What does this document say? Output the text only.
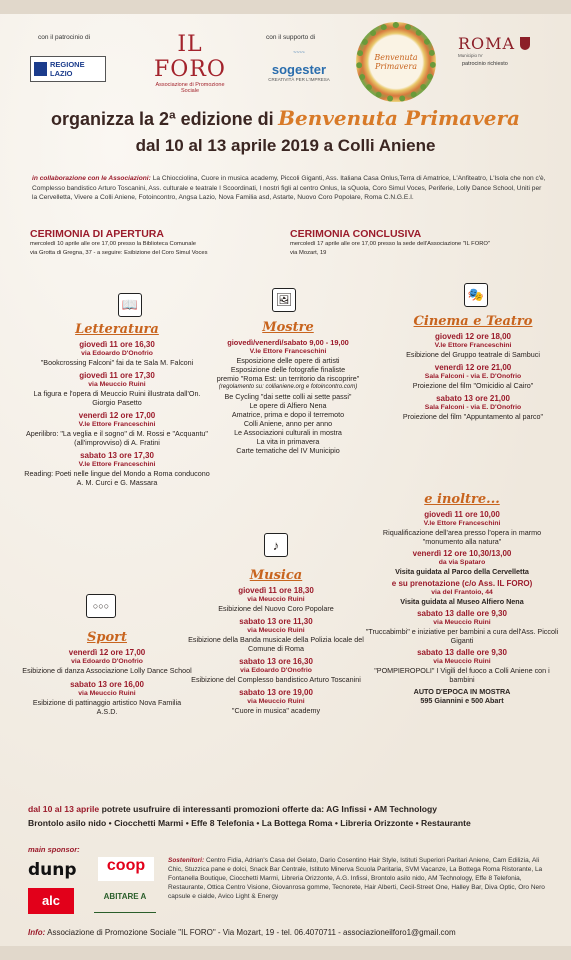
con il patrocinio di
REGIONE LAZIO
IL FORO
Associazione di Promozione Sociale
con il supporto di
~~~~
sogester
CREATIVITÀ PER L'IMPRESA
Benvenuta Primavera
ROMA
Municipio IV
patrocinio richiesto
organizza la 2ª edizione di Benvenuta Primavera
dal 10 al 13 aprile 2019 a Colli Aniene
in collaborazione con le Associazioni: La Chiocciolina, Cuore in musica academy, Piccoli Giganti, Ass. Italiana Casa Onlus,Terra di Amatrice, L'Anfiteatro, L'Isola che non c'è, Complesso bandistico Arturo Toscanini, Ass. culturale e teatrale I Scoordinati, I nostri figli al centro Onlus, la sQuola, Coro Simul Voces, Periferie, Lolly Dance School, Uniti per la Cervelletta, Vivere a Colli Aniene, Fotoincontro, Angsa Lazio, Nova Familia asd, Astarte, Nuovo Coro Popolare, Roma C.N.G.E.I.
CERIMONIA DI APERTURA
mercoledì 10 aprile alle ore 17,00 presso la Biblioteca Comunale
via Grotta di Gregna, 37 - a seguire: Esibizione del Coro Simul Voces
CERIMONIA CONCLUSIVA
mercoledì 17 aprile alle ore 17,00 presso la sede dell'Associazione "IL FORO"
via Mozart, 19
📖	🖼	🎭
♪
○○○
Letteratura
giovedì 11 ore 16,30
via Edoardo D'Onofrio
"Bookcrossing Falconi" fai da te Sala M. Falconi
giovedì 11 ore 17,30
via Meuccio Ruini
La figura e l'opera di Meuccio Ruini illustrata dall'On. Giorgio Pasetto
venerdì 12 ore 17,00
V.le Ettore Franceschini
Aperilibro: "La veglia e il sogno" di M. Rossi e "Acquantu" (all'improvviso) di A. Fratini
sabato 13 ore 17,30
V.le Ettore Franceschini
Reading: Poeti nelle lingue del Mondo a Roma conducono A. M. Curci e G. Massara
Mostre
giovedì/venerdì/sabato 9,00 - 19,00
V.le Ettore Franceschini
Esposizione delle opere di artisti
Esposizione delle fotografie finaliste
premio "Roma Est: un territorio da riscoprire"
(regolamento su: collianiene.org e fotoincontro.com)
Be Cycling "dai sette colli ai sette passi"
Le opere di Alfiero Nena
Amatrice, prima e dopo il terremoto
Colli Aniene, anno per anno
Le Associazioni culturali in mostra
La vita in primavera
Carte tematiche del IV Municipio
Cinema e Teatro
giovedì 12 ore 18,00
V.le Ettore Franceschini
Esibizione del Gruppo teatrale di Sambuci
venerdì 12 ore 21,00
Sala Falconi - via E. D'Onofrio
Proiezione del film "Omicidio al Cairo"
sabato 13 ore 21,00
Sala Falconi - via E. D'Onofrio
Proiezione del film "Appuntamento al parco"
e inoltre...
giovedì 11 ore 10,00
V.le Ettore Franceschini
Riqualificazione dell'area presso l'opera in marmo "monumento alla natura"
venerdì 12 ore 10,30/13,00
da via Spataro
Visita guidata al Parco della Cervelletta
e su prenotazione (c/o Ass. IL FORO)
via del Frantoio, 44
Visita guidata al Museo Alfiero Nena
sabato 13 dalle ore 9,30
via Meuccio Ruini
"Truccabimbi" e iniziative per bambini a cura dell'Ass. Piccoli Giganti
sabato 13 dalle ore 9,30
via Meuccio Ruini
"POMPIEROPOLI" I Vigili del fuoco a Colli Aniene con i bambini
AUTO D'EPOCA IN MOSTRA
595 Giannini e 500 Abart
Sport
venerdì 12 ore 17,00
via Edoardo D'Onofrio
Esibizione di danza Associazione Lolly Dance School
sabato 13 ore 16,00
via Meuccio Ruini
Esibizione di pattinaggio artistico Nova Familia A.S.D.
Musica
giovedì 11 ore 18,30
via Meuccio Ruini
Esibizione del Nuovo Coro Popolare
sabato 13 ore 11,30
via Meuccio Ruini
Esibizione della Banda musicale della Polizia locale del Comune di Roma
sabato 13 ore 16,30
via Edoardo D'Onofrio
Esibizione del Complesso bandistico Arturo Toscanini
sabato 13 ore 19,00
via Meuccio Ruini
"Cuore in musica" academy
dal 10 al 13 aprile potrete usufruire di interessanti promozioni offerte da: AG Infissi • AM Technology
Brontolo asilo nido • Ciocchetti Marmi • Effe 8 Telefonia • La Bottega Roma • Libreria Orizzonte • Restaurante
main sponsor:
dunp	coop
alc	ABITARE A
Sostenitori: Centro Fidia, Adrian's Casa del Gelato, Dario Cosentino Hair Style, Istituti Superiori Paritari Aniene, Cam Edilizia, Ali Chic, Stuzzica pane e dolci, Snack Bar Centrale, Istituto Minerva Scuola Paritaria, SVM Vacanze, La Bottega Roma Ristorante, La Fontanella Boutique, Ciocchetti Marmi, Libreria Orizzonte, A.G. Infissi, Brontolo asilo nido, AM Technology, Effe 8 Telefonia, Restaurante, Ottica Centro Visione, Giovanrosa gomme, Tecnorete, Hair Alberti, Cecil-Street One, Halley Bar, Diva Optic, Oro Nero capsule e cialde, Avico Light & Energy
Info: Associazione di Promozione Sociale "IL FORO" - Via Mozart, 19 - tel. 06.4070711 - associazioneilforo1@gmail.com
